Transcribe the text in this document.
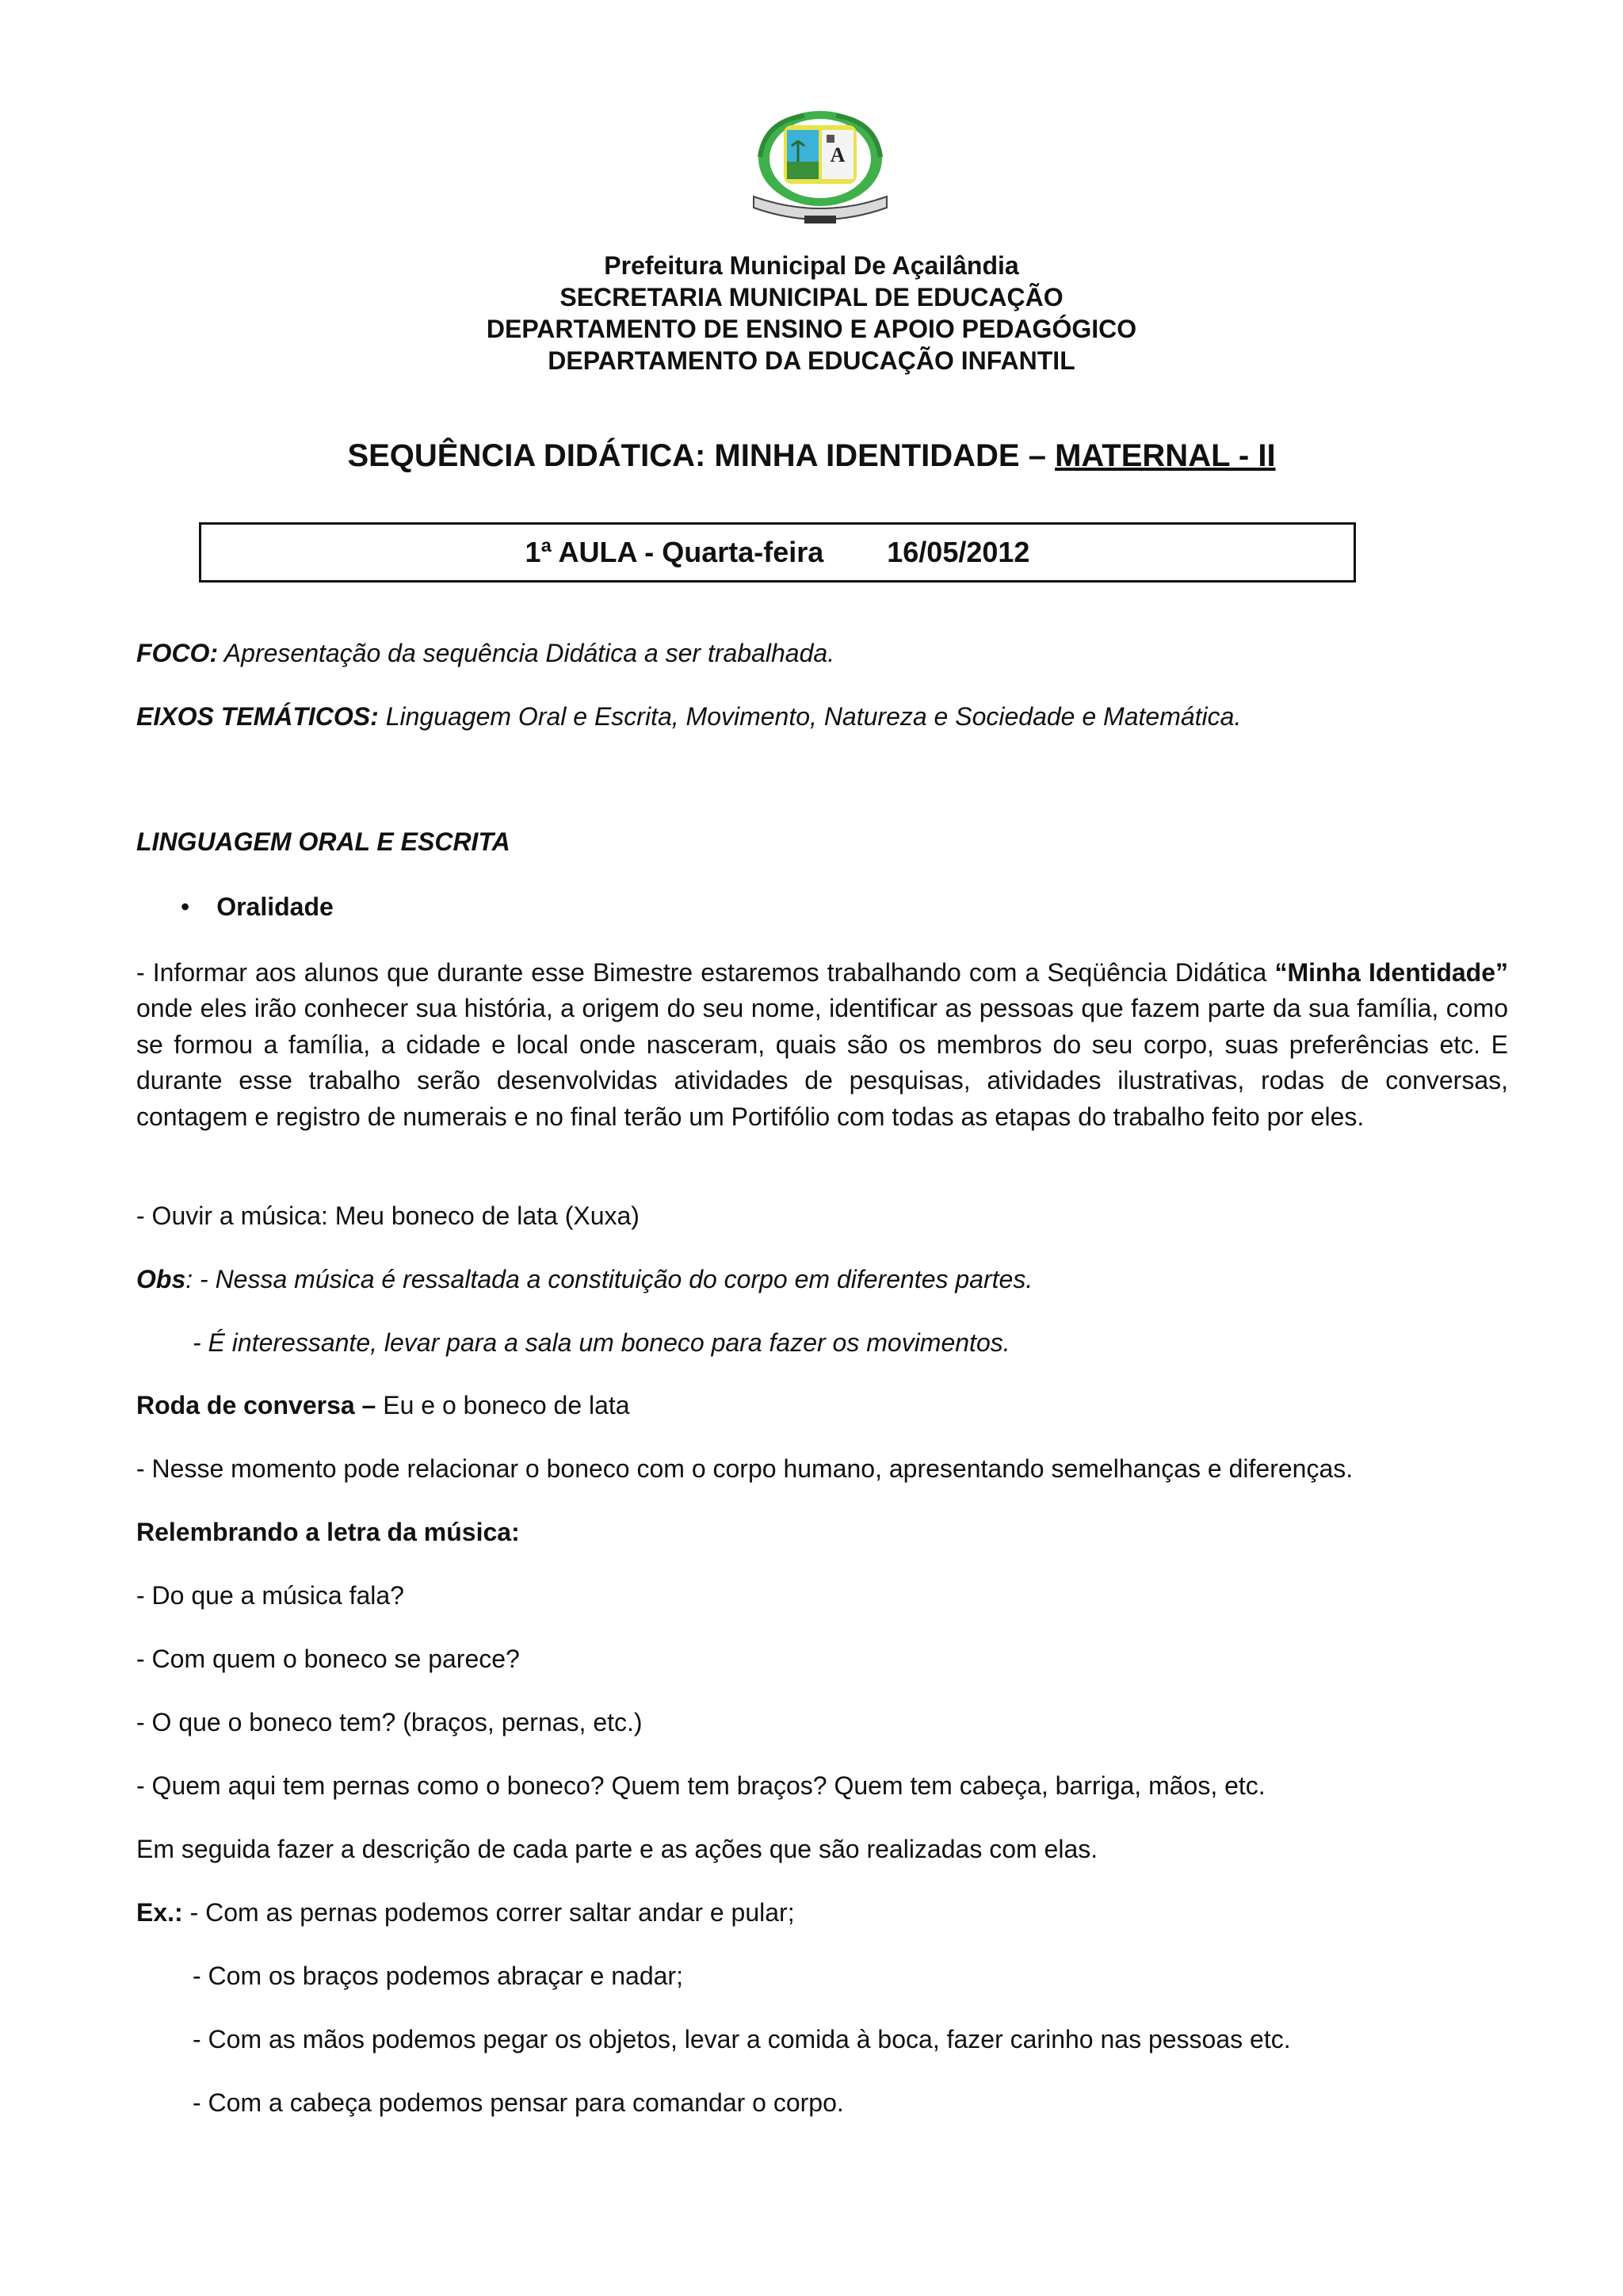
A
Prefeitura Municipal De Açailândia
SECRETARIA MUNICIPAL DE EDUCAÇÃO
DEPARTAMENTO DE ENSINO E APOIO PEDAGÓGICO
DEPARTAMENTO DA EDUCAÇÃO INFANTIL
SEQUÊNCIA DIDÁTICA: MINHA IDENTIDADE – MATERNAL - II
1ª AULA - Quarta-feira 16/05/2012
FOCO: Apresentação da sequência Didática a ser trabalhada.
EIXOS TEMÁTICOS: Linguagem Oral e Escrita, Movimento, Natureza e Sociedade e Matemática.
LINGUAGEM ORAL E ESCRITA
• Oralidade
- Informar aos alunos que durante esse Bimestre estaremos trabalhando com a Seqüência Didática “Minha Identidade” onde eles irão conhecer sua história, a origem do seu nome, identificar as pessoas que fazem parte da sua família, como se formou a família, a cidade e local onde nasceram, quais são os membros do seu corpo, suas preferências etc. E durante esse trabalho serão desenvolvidas atividades de pesquisas, atividades ilustrativas, rodas de conversas, contagem e registro de numerais e no final terão um Portifólio com todas as etapas do trabalho feito por eles.
- Ouvir a música: Meu boneco de lata (Xuxa)
Obs: - Nessa música é ressaltada a constituição do corpo em diferentes partes.
- É interessante, levar para a sala um boneco para fazer os movimentos.
Roda de conversa – Eu e o boneco de lata
- Nesse momento pode relacionar o boneco com o corpo humano, apresentando semelhanças e diferenças.
Relembrando a letra da música:
- Do que a música fala?
- Com quem o boneco se parece?
- O que o boneco tem? (braços, pernas, etc.)
- Quem aqui tem pernas como o boneco? Quem tem braços? Quem tem cabeça, barriga, mãos, etc.
Em seguida fazer a descrição de cada parte e as ações que são realizadas com elas.
Ex.: - Com as pernas podemos correr saltar andar e pular;
- Com os braços podemos abraçar e nadar;
- Com as mãos podemos pegar os objetos, levar a comida à boca, fazer carinho nas pessoas etc.
- Com a cabeça podemos pensar para comandar o corpo.
